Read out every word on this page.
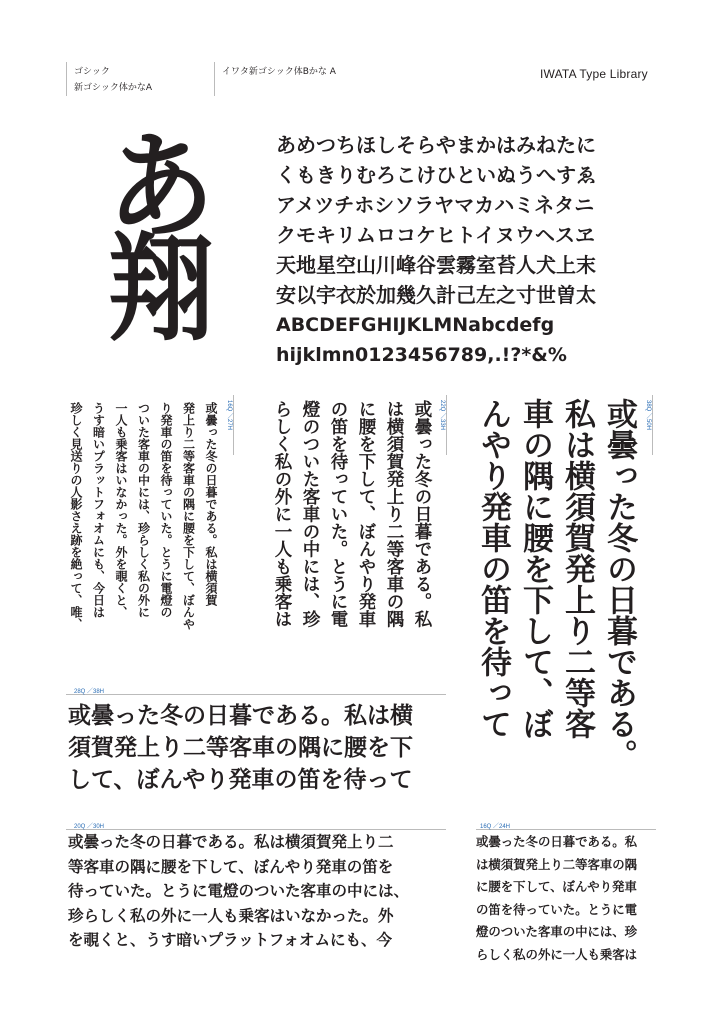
ゴシック
新ゴシック体かなA
イワタ新ゴシック体Bかな A	IWATA Type Library
あ
翔
あめつちほしそらやまかはみねたに
くもきりむろこけひといぬうへすゑ
アメツチホシソラヤマカハミネタニ
クモキリムロコケヒトイヌウヘスヱ
天地星空山川峰谷雲霧室苔人犬上末
安以宇衣於加幾久計己左之寸世曽太
ABCDEFGHIJKLMNabcdefg
hijklmn0123456789,.!?*&%
38Q ／50H
或曇った冬の日暮である。
私は横須賀発上り二等客
車の隅に腰を下して、ぼ
んやり発車の笛を待って
22Q ／33H
或曇った冬の日暮である。私
は横須賀発上り二等客車の隅
に腰を下して、ぼんやり発車
の笛を待っていた。とうに電
燈のついた客車の中には、珍
らしく私の外に一人も乗客は
16Q ／27H
或曇った冬の日暮である。私は横須賀
発上り二等客車の隅に腰を下して、ぼんや
り発車の笛を待っていた。とうに電燈の
ついた客車の中には、珍らしく私の外に
一人も乗客はいなかった。外を覗くと、
うす暗いプラットフォオムにも、今日は
珍しく見送りの人影さえ跡を絶って、唯、
28Q ／38H
或曇った冬の日暮である。私は横
須賀発上り二等客車の隅に腰を下
して、ぼんやり発車の笛を待って
20Q ／30H
或曇った冬の日暮である。私は横須賀発上り二
等客車の隅に腰を下して、ぼんやり発車の笛を
待っていた。とうに電燈のついた客車の中には、
珍らしく私の外に一人も乗客はいなかった。外
を覗くと、うす暗いプラットフォオムにも、今
16Q ／24H
或曇った冬の日暮である。私
は横須賀発上り二等客車の隅
に腰を下して、ぼんやり発車
の笛を待っていた。とうに電
燈のついた客車の中には、珍
らしく私の外に一人も乗客は
